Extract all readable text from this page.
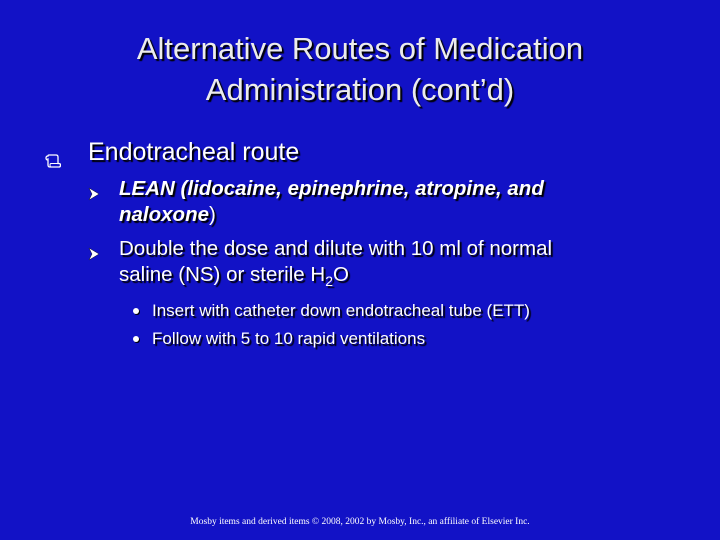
Alternative Routes of Medication
Administration (cont’d)
Endotracheal route
LEAN (lidocaine, epinephrine, atropine, and
naloxone)
Double the dose and dilute with 10 ml of normal
saline (NS) or sterile $H_2O$
Insert with catheter down endotracheal tube (ETT)
Follow with 5 to 10 rapid ventilations
Mosby items and derived items © 2008, 2002 by Mosby, Inc., an affiliate of Elsevier Inc.
